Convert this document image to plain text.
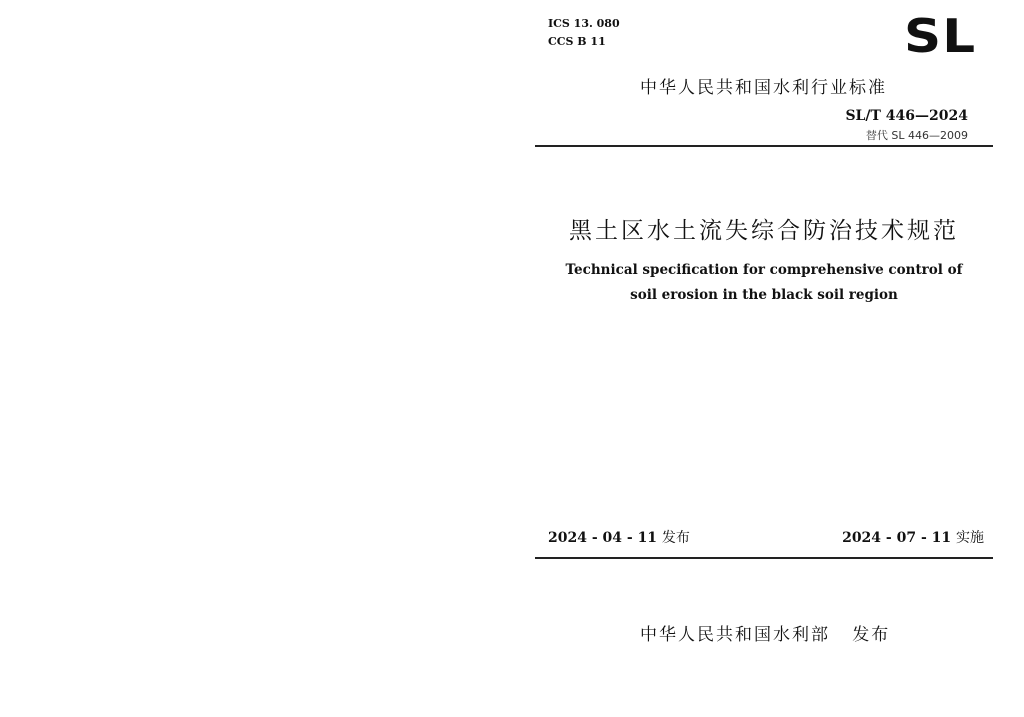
ICS 13. 080
CCS B 11	SL
中华人民共和国水利行业标准
SL/T 446—2024
替代 SL 446—2009
黑土区水土流失综合防治技术规范
Technical specification for comprehensive control of
soil erosion in the black soil region
2024 - 04 - 11 发布	2024 - 07 - 11 实施
中华人民共和国水利部 发布
